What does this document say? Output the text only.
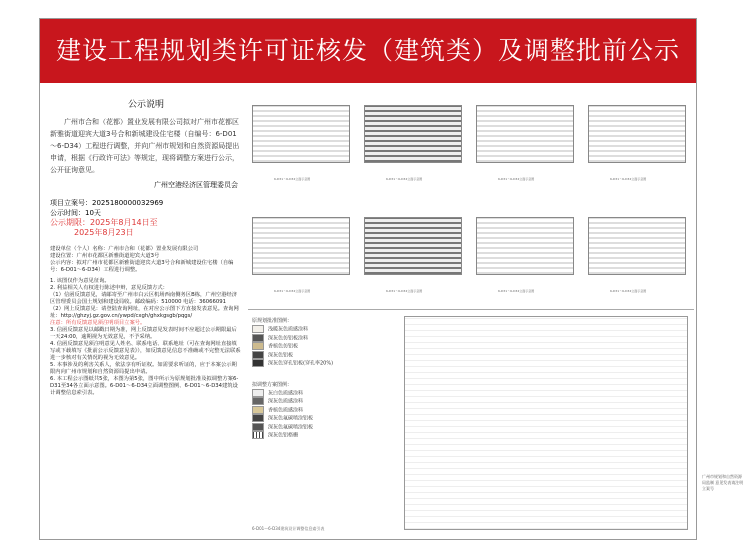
建设工程规划类许可证核发（建筑类）及调整批前公示
公示说明
广州市合和（花都）置业发展有限公司拟对广州市花都区新雅街道迎宾大道3号合和新城建设住宅楼（自编号：6-D01～6-D34）工程进行调整，并向广州市规划和自然资源局提出申请，根据《行政许可法》等规定，现将调整方案进行公示，公开征询意见。
广州空港经济区管理委员会
项目立案号：2025180000032969
公示时间：10天
公示期限：2025年8月14日至
2025年8月23日
建设单位（个人）名称：广州市合和（花都）置业发展有限公司
建设位置：广州市花都区新雅街道迎宾大道3号
公示内容：拟对广州市花都区新雅街道迎宾大道3号合和新城建设住宅楼（自编号：6-D01～6-D34）工程进行调整。
1. 该图仅作为意见征询。
2. 利益相关人有权进行陈述申辩，意见反馈方式：
（1）信函反馈意见，请邮寄至广州市白云区机场西南侧务区B栋，广州空港经济区管理委员会国土规划和建设局收。邮政编码：510000 电话：36066091
（2）网上反馈意见：请登陆查询网址，在对应公示图下方直接发表意见。查询网址：http://ghzyj.gz.gov.cn/ywpd/cxgh/ghxkgsgb/pqgs/
注意：所有反馈意见须注明项目立案号。
3. 信函反馈意见以邮戳日期为准，网上反馈意见发表时间不应超过公示期限最后一天24:00，逾期视为无效意见，不予采纳。
4. 信函反馈意见须注明意见人姓名、联系电话、联系地址（可在查询网址直接填写或下载填写《批前公示反馈意见表》），如反馈意见信息不准确或不完整无法联系进一步核对有关情况的视为无效意见。
5. 本事涉及的利害关系人，依法享有听证权。如需要求听证的，应于本案公示期限内向广州市规划和自然资源局提出申请。
6. 本工程公示图纸共5张，本图为第5张，图中所示为原规划批准及拟调整方案6-D31至34各立面示意图。6-D01～6-D34立面调整图例、6-D01～6-D34建筑设计调整信息索引表。
6-D31～6-D34立面示意图	6-D31～6-D34立面示意图	6-D31～6-D34立面示意图	6-D31～6-D34立面示意图
6-D31～6-D34立面示意图	6-D31～6-D34立面示意图	6-D31～6-D34立面示意图	6-D31～6-D34立面示意图
原规划批准图例：
浅暖灰色质感涂料
深灰色仿铝板涂料
香槟色仿铝板
深灰色铝板
深灰色穿孔铝板(穿孔率20%)
拟调整方案图例：
灰白色质感涂料
深灰色质感涂料
香槟色质感涂料
深灰色氟碳喷涂铝板
深灰色氟碳喷涂铝板
深灰色铝格栅
6-D01～6-D34建筑设计调整信息索引表
广州市规划和自然资源局监制 意见发表请注明立案号
